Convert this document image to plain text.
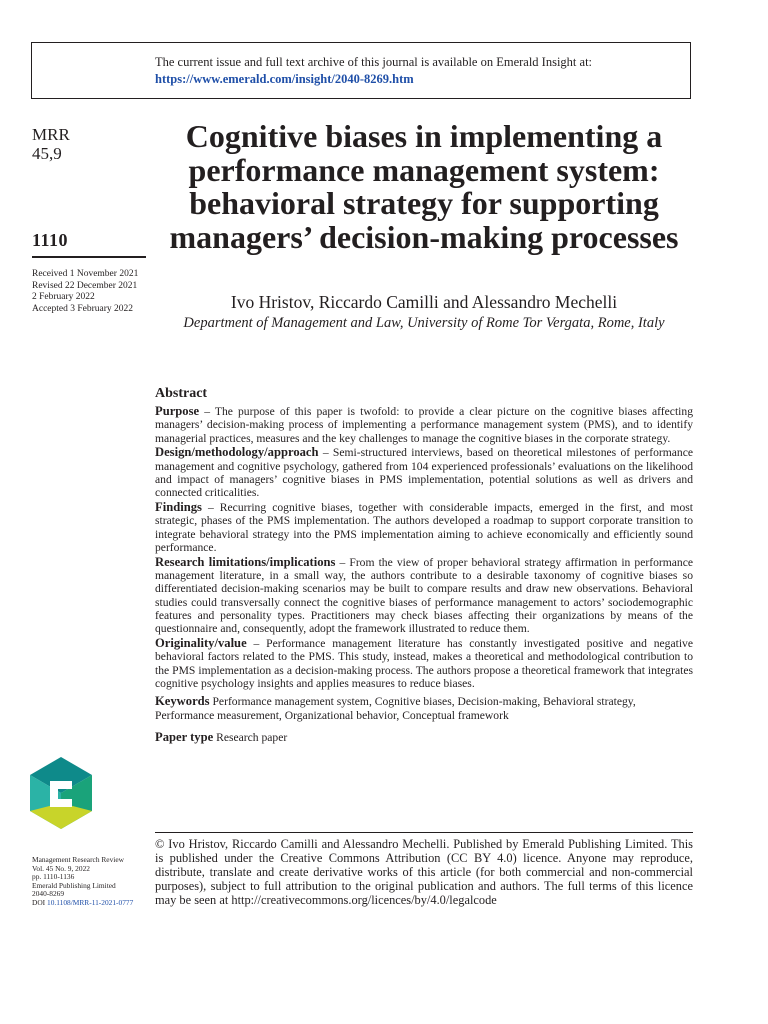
The current issue and full text archive of this journal is available on Emerald Insight at:
https://www.emerald.com/insight/2040-8269.htm
MRR
45,9
1110
Received 1 November 2021
Revised 22 December 2021
2 February 2022
Accepted 3 February 2022
Cognitive biases in implementing a performance management system: behavioral strategy for supporting managers’ decision-making processes
Ivo Hristov, Riccardo Camilli and Alessandro Mechelli
Department of Management and Law, University of Rome Tor Vergata, Rome, Italy
Abstract

Purpose – The purpose of this paper is twofold: to provide a clear picture on the cognitive biases affecting managers’ decision-making process of implementing a performance management system (PMS), and to identify managerial practices, measures and the key challenges to manage the cognitive biases in the corporate strategy.

Design/methodology/approach – Semi-structured interviews, based on theoretical milestones of performance management and cognitive psychology, gathered from 104 experienced professionals’ evaluations on the likelihood and impact of managers’ cognitive biases in PMS implementation, potential solutions as well as drivers and connected criticalities.

Findings – Recurring cognitive biases, together with considerable impacts, emerged in the first, and most strategic, phases of the PMS implementation. The authors developed a roadmap to support corporate transition to integrate behavioral strategy into the PMS implementation aiming to achieve economically and efficiently sound performance.

Research limitations/implications – From the view of proper behavioral strategy affirmation in performance management literature, in a small way, the authors contribute to a desirable taxonomy of cognitive biases so differentiated decision-making scenarios may be built to compare results and draw new observations. Behavioral studies could transversally connect the cognitive biases of performance management to actors’ sociodemographic features and personality types. Practitioners may check biases affecting their organizations by means of the questionnaire and, consequently, adopt the framework illustrated to reduce them.

Originality/value – Performance management literature has constantly investigated positive and negative behavioral factors related to the PMS. This study, instead, makes a theoretical and methodological contribution to the PMS implementation as a decision-making process. The authors propose a theoretical framework that integrates cognitive psychology insights and applies measures to reduce biases.

Keywords Performance management system, Cognitive biases, Decision-making, Behavioral strategy, Performance measurement, Organizational behavior, Conceptual framework

Paper type Research paper

Management Research Review
Vol. 45 No. 9, 2022
pp. 1110-1136
Emerald Publishing Limited
2040-8269
DOI 10.1108/MRR-11-2021-0777
© Ivo Hristov, Riccardo Camilli and Alessandro Mechelli. Published by Emerald Publishing Limited. This is published under the Creative Commons Attribution (CC BY 4.0) licence. Anyone may reproduce, distribute, translate and create derivative works of this article (for both commercial and non-commercial purposes), subject to full attribution to the original publication and authors. The full terms of this licence may be seen at http://creativecommons.org/licences/by/4.0/legalcode
